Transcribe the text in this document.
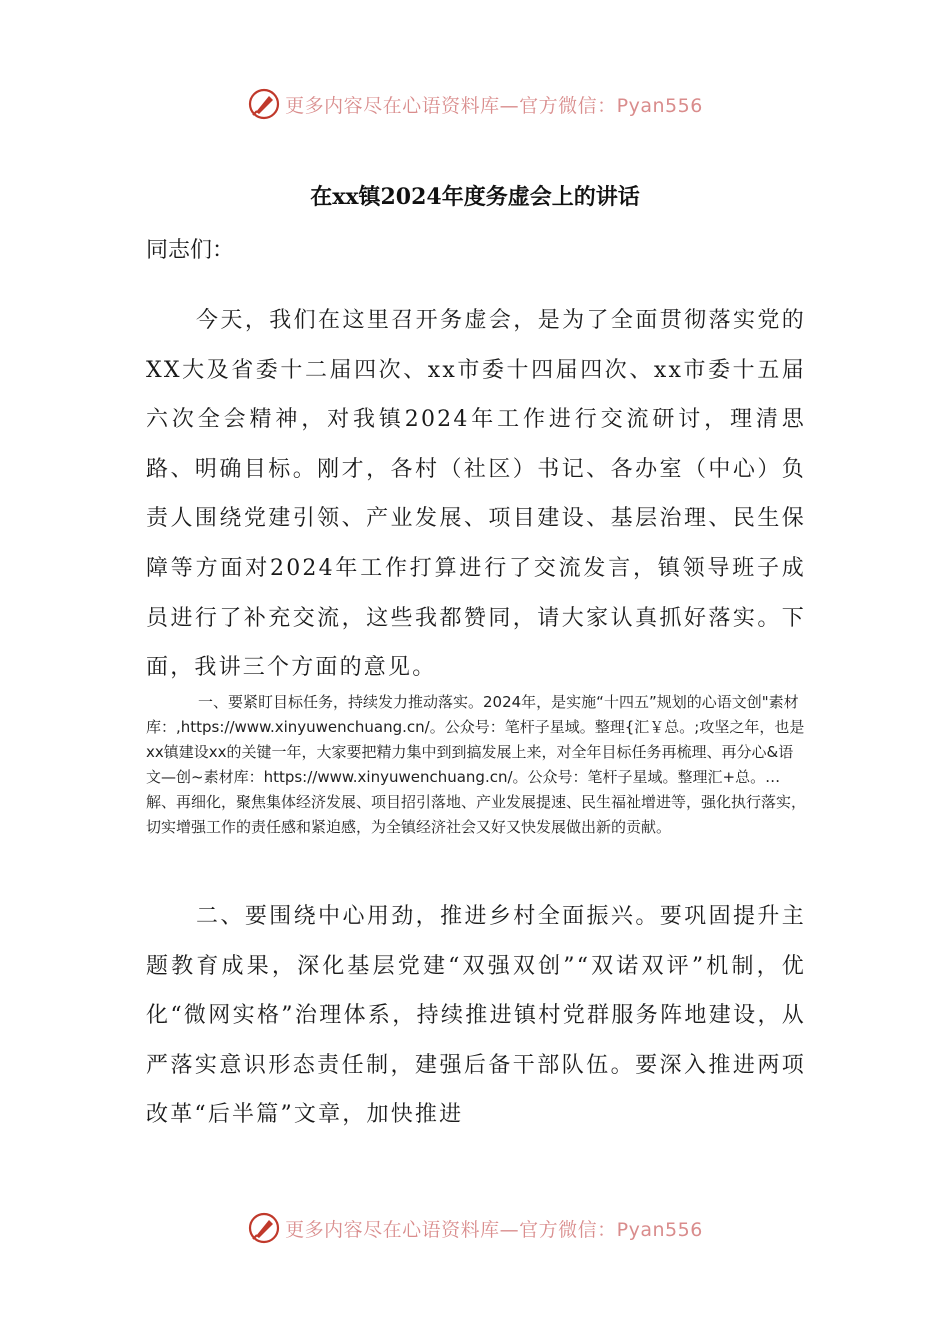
更多内容尽在心语资料库—官方微信：Pyan556
在xx镇2024年度务虚会上的讲话
同志们：

今天，我们在这里召开务虚会，是为了全面贯彻落实党的XX大及省委十二届四次、xx市委十四届四次、xx市委十五届六次全会精神，对我镇2024年工作进行交流研讨，理清思路、明确目标。刚才，各村（社区）书记、各办室（中心）负责人围绕党建引领、产业发展、项目建设、基层治理、民生保障等方面对2024年工作打算进行了交流发言，镇领导班子成员进行了补充交流，这些我都赞同，请大家认真抓好落实。下面，我讲三个方面的意见。

一、要紧盯目标任务，持续发力推动落实。2024年，是实施“十四五”规划的心语文创"素材库：,https://www.xinyuwenchuang.cn/。公众号：笔杆子星域。整理{汇￥总。;攻坚之年，也是xx镇建设xx的关键一年，大家要把精力集中到到搞发展上来，对全年目标任务再梳理、再分心&语文—创~素材库：https://www.xinyuwenchuang.cn/。公众号：笔杆子星域。整理汇+总。…解、再细化，聚焦集体经济发展、项目招引落地、产业发展提速、民生福祉增进等，强化执行落实，切实增强工作的责任感和紧迫感，为全镇经济社会又好又快发展做出新的贡献。

二、要围绕中心用劲，推进乡村全面振兴。要巩固提升主题教育成果，深化基层党建“双强双创”“双诺双评”机制，优化“微网实格”治理体系，持续推进镇村党群服务阵地建设，从严落实意识形态责任制，建强后备干部队伍。要深入推进两项改革“后半篇”文章，加快推进

更多内容尽在心语资料库—官方微信：Pyan556
